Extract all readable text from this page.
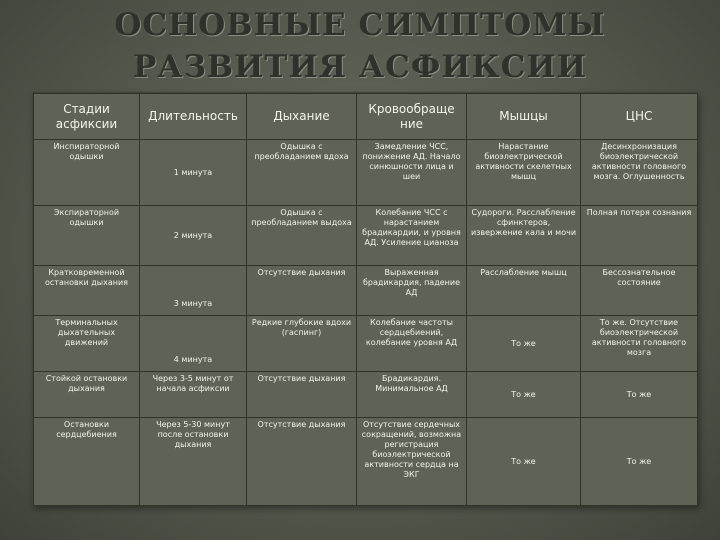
ОСНОВНЫЕ СИМПТОМЫ
РАЗВИТИЯ АСФИКСИИ
Стадии асфиксии	Длительность	Дыхание	Кровообраще ние	Мышцы	ЦНС
Инспираторной одышки	1 минута	Одышка с преобладанием вдоха	Замедление ЧСС, понижение АД. Начало синюшности лица и шеи	Нарастание биоэлектрической активности скелетных мышц	Десинхронизация биоэлектрической активности головного мозга. Оглушенность
Экспираторной одышки	2 минута	Одышка с преобладанием выдоха	Колебание ЧСС с нарастанием брадикардии, и уровня АД. Усиление цианоза	Судороги. Расслабление сфинктеров, извержение кала и мочи	Полная потеря сознания
Кратковременной остановки дыхания	3 минута	Отсутствие дыхания	Выраженная брадикардия, падение АД	Расслабление мышц	Бессознательное состояние
Терминальных дыхательных движений	4 минута	Редкие глубокие вдохи (гаспинг)	Колебание частоты сердцебиений, колебание уровня АД	То же	То же. Отсутствие биоэлектрической активности головного мозга
Стойкой остановки дыхания	Через 3-5 минут от начала асфиксии	Отсутствие дыхания	Брадикардия. Минимальное АД	То же	То же
Остановки сердцебиения	Через 5-30 минут после остановки дыхания	Отсутствие дыхания	Отсутствие сердечных сокращений, возможна регистрация биоэлектрической активности сердца на ЭКГ	То же	То же
